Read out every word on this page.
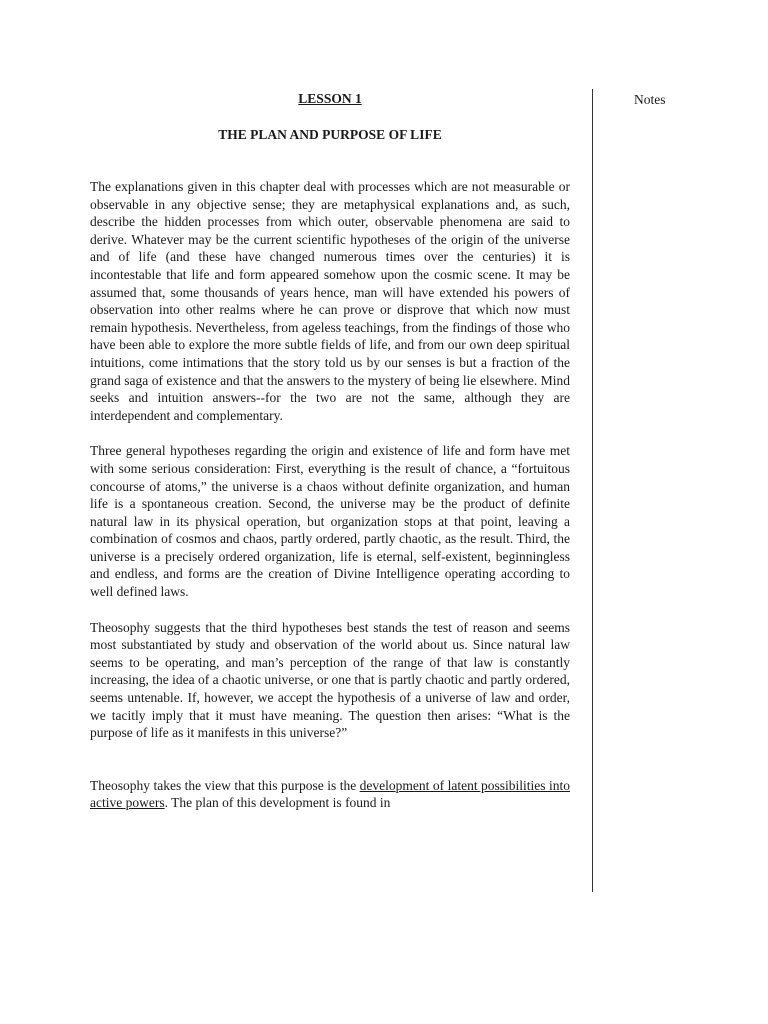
LESSON 1

THE PLAN AND PURPOSE OF LIFE

The explanations given in this chapter deal with processes which are not measurable or observable in any objective sense; they are metaphysical explanations and, as such, describe the hidden processes from which outer, observable phenomena are said to derive. Whatever may be the current scientific hypotheses of the origin of the universe and of life (and these have changed numerous times over the centuries) it is incontestable that life and form appeared somehow upon the cosmic scene. It may be assumed that, some thousands of years hence, man will have extended his powers of observation into other realms where he can prove or disprove that which now must remain hypothesis. Nevertheless, from ageless teachings, from the findings of those who have been able to explore the more subtle fields of life, and from our own deep spiritual intuitions, come intimations that the story told us by our senses is but a fraction of the grand saga of existence and that the answers to the mystery of being lie elsewhere. Mind seeks and intuition answers--for the two are not the same, although they are interdependent and complementary.

Three general hypotheses regarding the origin and existence of life and form have met with some serious consideration: First, everything is the result of chance, a “fortuitous concourse of atoms,” the universe is a chaos without definite organization, and human life is a spontaneous creation. Second, the universe may be the product of definite natural law in its physical operation, but organization stops at that point, leaving a combination of cosmos and chaos, partly ordered, partly chaotic, as the result. Third, the universe is a precisely ordered organization, life is eternal, self-existent, beginningless and endless, and forms are the creation of Divine Intelligence operating according to well defined laws.

Theosophy suggests that the third hypotheses best stands the test of reason and seems most substantiated by study and observation of the world about us. Since natural law seems to be operating, and man’s perception of the range of that law is constantly increasing, the idea of a chaotic universe, or one that is partly chaotic and partly ordered, seems untenable. If, however, we accept the hypothesis of a universe of law and order, we tacitly imply that it must have meaning. The question then arises: “What is the purpose of life as it manifests in this universe?”

Theosophy takes the view that this purpose is the development of latent possibilities into active powers. The plan of this development is found in

Notes
